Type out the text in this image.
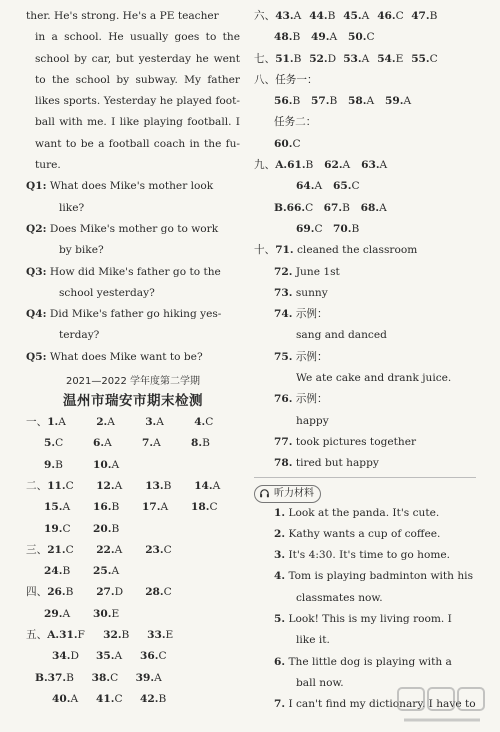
ther. He's strong. He's a PE teacher
in a school. He usually goes to the
school by car, but yesterday he went
to the school by subway. My father
likes sports. Yesterday he played foot-
ball with me. I like playing football. I
want to be a football coach in the fu-
ture.
Q1: What does Mike's mother look
like?
Q2: Does Mike's mother go to work
by bike?
Q3: How did Mike's father go to the
school yesterday?
Q4: Did Mike's father go hiking yes-
terday?
Q5: What does Mike want to be?
2021—2022 学年度第二学期
温州市瑞安市期末检测
一、1.A	2.A	3.A	4.C
5.C	6.A	7.A	8.B
9.B	10.A
二、11.C 12.A 13.B 14.A
15.A 16.B 17.A 18.C
19.C 20.B
三、21.C 22.A 23.C
24.B 25.A
四、26.B 27.D 28.C
29.A 30.E
五、A.31.F 32.B 33.E
34.D 35.A 36.C
B.37.B 38.C 39.A
40.A 41.C 42.B
六、43.A 44.B 45.A 46.C 47.B
48.B 49.A 50.C
七、51.B 52.D 53.A 54.E 55.C
八、任务一：
56.B 57.B 58.A 59.A
任务二：
60.C
九、A.61.B 62.A 63.A
64.A 65.C
B.66.C 67.B 68.A
69.C 70.B
十、71. cleaned the classroom
72. June 1st
73. sunny
74. 示例：
sang and danced
75. 示例：
We ate cake and drank juice.
76. 示例：
happy
77. took pictures together
78. tired but happy
听力材料
1. Look at the panda. It's cute.
2. Kathy wants a cup of coffee.
3. It's 4:30. It's time to go home.
4. Tom is playing badminton with his
classmates now.
5. Look! This is my living room. I
like it.
6. The little dog is playing with a
ball now.
7. I can't find my dictionary. I have to
